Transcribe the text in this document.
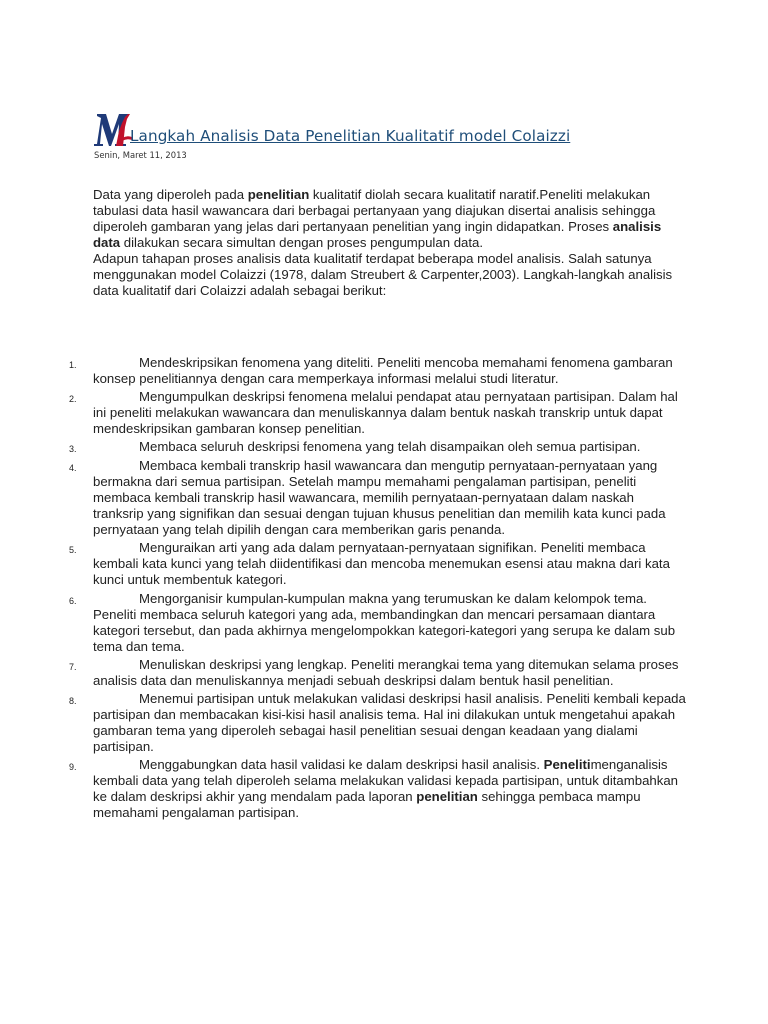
Langkah Analisis Data Penelitian Kualitatif model Colaizzi
Senin, Maret 11, 2013

Data yang diperoleh pada penelitian kualitatif diolah secara kualitatif naratif.Peneliti melakukan tabulasi data hasil wawancara dari berbagai pertanyaan yang diajukan disertai analisis sehingga diperoleh gambaran yang jelas dari pertanyaan penelitian yang ingin didapatkan. Proses analisis data dilakukan secara simultan dengan proses pengumpulan data.

Adapun tahapan proses analisis data kualitatif terdapat beberapa model analisis. Salah satunya menggunakan model Colaizzi (1978, dalam Streubert & Carpenter,2003). Langkah-langkah analisis data kualitatif dari Colaizzi adalah sebagai berikut:

1.	Mendeskripsikan fenomena yang diteliti. Peneliti mencoba memahami fenomena gambaran konsep penelitiannya dengan cara memperkaya informasi melalui studi literatur.
2.	Mengumpulkan deskripsi fenomena melalui pendapat atau pernyataan partisipan. Dalam hal ini peneliti melakukan wawancara dan menuliskannya dalam bentuk naskah transkrip untuk dapat mendeskripsikan gambaran konsep penelitian.
3.	Membaca seluruh deskripsi fenomena yang telah disampaikan oleh semua partisipan.
4.	Membaca kembali transkrip hasil wawancara dan mengutip pernyataan-pernyataan yang bermakna dari semua partisipan. Setelah mampu memahami pengalaman partisipan, peneliti membaca kembali transkrip hasil wawancara, memilih pernyataan-pernyataan dalam naskah tranksrip yang signifikan dan sesuai dengan tujuan khusus penelitian dan memilih kata kunci pada pernyataan yang telah dipilih dengan cara memberikan garis penanda.
5.	Menguraikan arti yang ada dalam pernyataan-pernyataan signifikan. Peneliti membaca kembali kata kunci yang telah diidentifikasi dan mencoba menemukan esensi atau makna dari kata kunci untuk membentuk kategori.
6.	Mengorganisir kumpulan-kumpulan makna yang terumuskan ke dalam kelompok tema. Peneliti membaca seluruh kategori yang ada, membandingkan dan mencari persamaan diantara kategori tersebut, dan pada akhirnya mengelompokkan kategori-kategori yang serupa ke dalam sub tema dan tema.
7.	Menuliskan deskripsi yang lengkap. Peneliti merangkai tema yang ditemukan selama proses analisis data dan menuliskannya menjadi sebuah deskripsi dalam bentuk hasil penelitian.
8.	Menemui partisipan untuk melakukan validasi deskripsi hasil analisis. Peneliti kembali kepada partisipan dan membacakan kisi-kisi hasil analisis tema. Hal ini dilakukan untuk mengetahui apakah gambaran tema yang diperoleh sebagai hasil penelitian sesuai dengan keadaan yang dialami partisipan.
9.	Menggabungkan data hasil validasi ke dalam deskripsi hasil analisis. Penelitimenganalisis kembali data yang telah diperoleh selama melakukan validasi kepada partisipan, untuk ditambahkan ke dalam deskripsi akhir yang mendalam pada laporan penelitian sehingga pembaca mampu memahami pengalaman partisipan.
